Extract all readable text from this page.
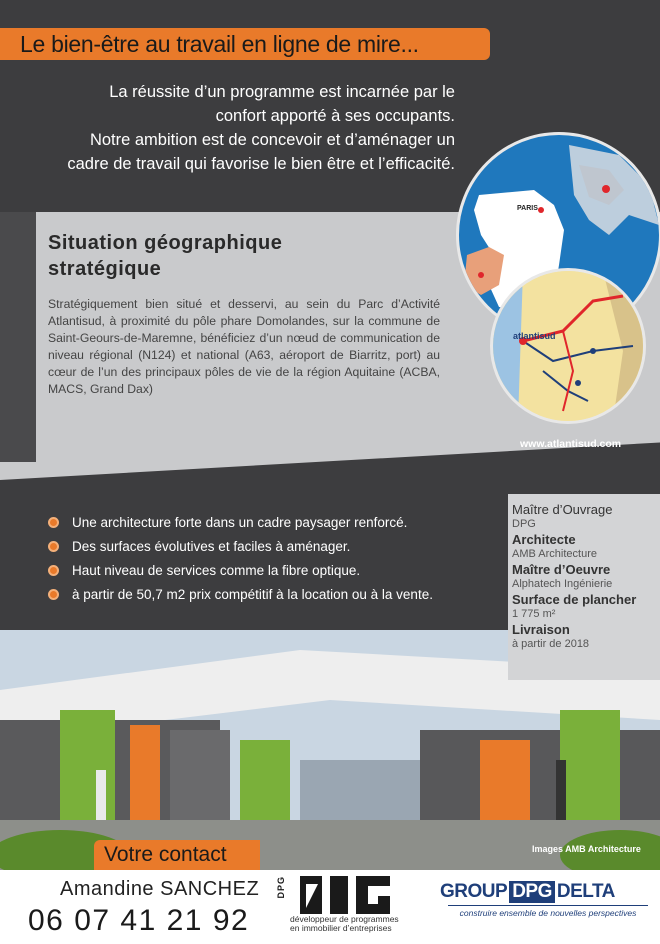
Le bien-être au travail en ligne de mire...
La réussite d’un programme est incarnée par le
confort apporté à ses occupants.
Notre ambition est de concevoir et d’aménager un
cadre de travail qui favorise le bien être et l’efficacité.
Situation géographique
stratégique
Stratégiquement bien situé et desservi, au sein du Parc d’Activité Atlantisud, à proximité du pôle phare Domolandes, sur la commune de Saint-Geours-de-Maremne, bénéficiez d’un nœud de communication de niveau régional (N124) et national (A63, aéroport de Biarritz, port) au cœur de l’un des principaux pôles de vie de la région Aquitaine (ACBA, MACS, Grand Dax)
PARIS
atlantisud
www.atlantisud.com
Une architecture forte dans un cadre paysager renforcé.
Des surfaces évolutives et faciles à aménager.
Haut niveau de services comme la fibre optique.
à partir de 50,7 m2 prix compétitif à la location ou à la vente.
Images AMB Architecture
Maître d’Ouvrage
DPG
Architecte
AMB Architecture
Maître d’Oeuvre
Alphatech Ingénierie
Surface de plancher
1 775 m²
Livraison
à partir de 2018
Votre contact
Amandine SANCHEZ
06 07 41 21 92
DPG
développeur de programmes
en immobilier d’entreprises
GROUP DPG DELTA
construire ensemble de nouvelles perspectives
